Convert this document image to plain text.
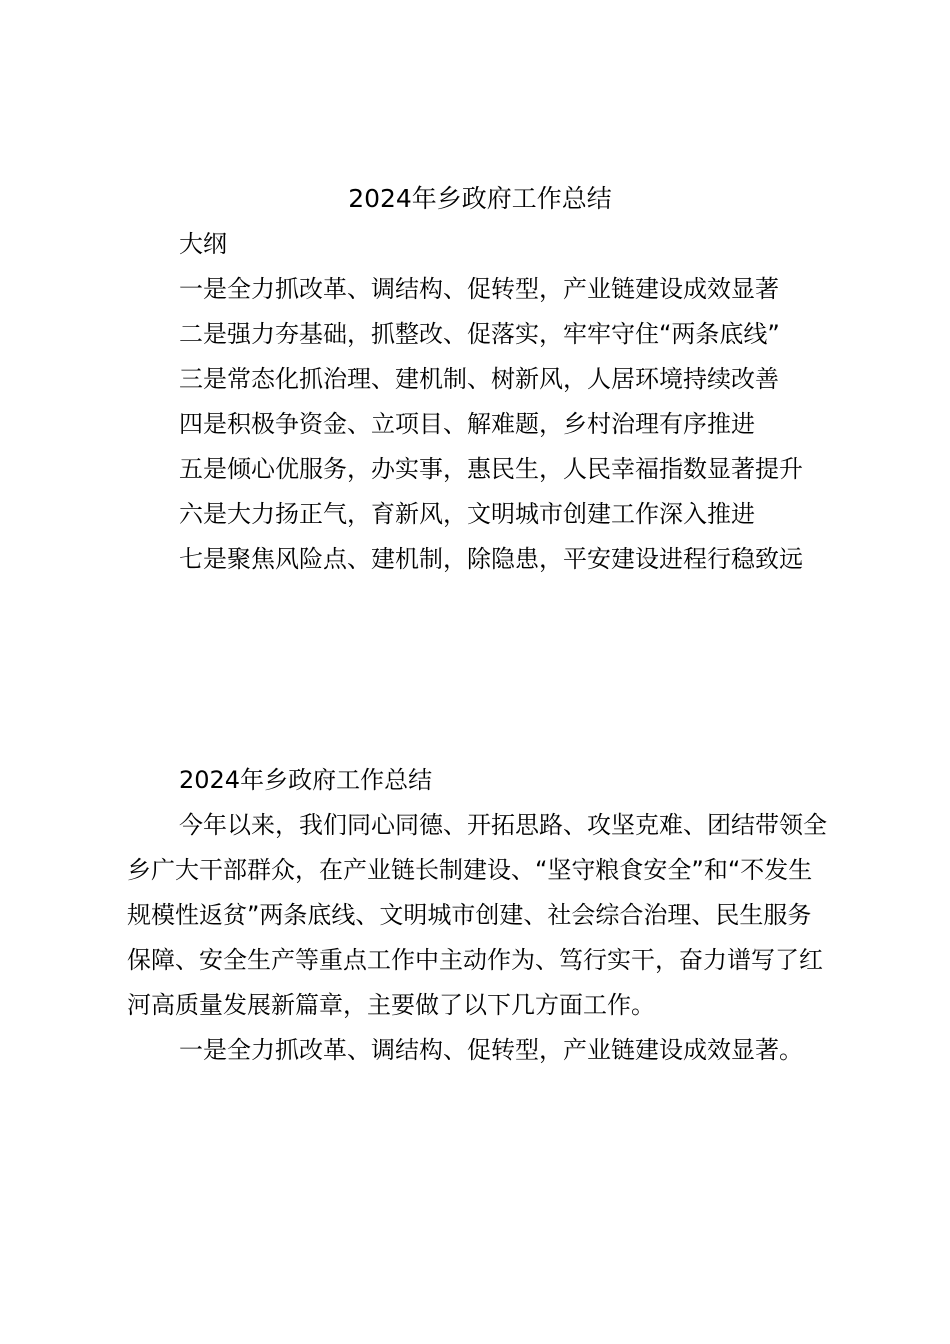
2024年乡政府工作总结

大纲

一是全力抓改革、调结构、促转型，产业链建设成效显著

二是强力夯基础，抓整改、促落实，牢牢守住“两条底线”

三是常态化抓治理、建机制、树新风，人居环境持续改善

四是积极争资金、立项目、解难题，乡村治理有序推进

五是倾心优服务，办实事，惠民生，人民幸福指数显著提升

六是大力扬正气，育新风，文明城市创建工作深入推进

七是聚焦风险点、建机制，除隐患，平安建设进程行稳致远

2024年乡政府工作总结

今年以来，我们同心同德、开拓思路、攻坚克难、团结带领全乡广大干部群众，在产业链长制建设、“坚守粮食安全”和“不发生规模性返贫”两条底线、文明城市创建、社会综合治理、民生服务保障、安全生产等重点工作中主动作为、笃行实干，奋力谱写了红河高质量发展新篇章，主要做了以下几方面工作。

一是全力抓改革、调结构、促转型，产业链建设成效显著。
